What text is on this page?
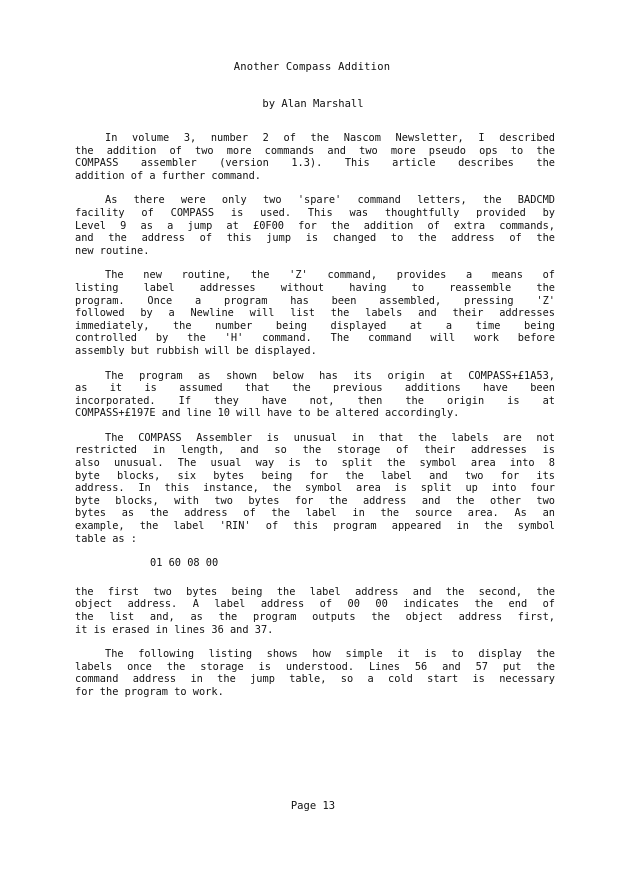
Another Compass Addition
by Alan Marshall
In volume 3, number 2 of the Nascom Newsletter, I described
the addition of two more commands and two more pseudo ops to the
COMPASS assembler (version 1.3). This article describes the
addition of a further command.
As there were only two 'spare' command letters, the BADCMD
facility of COMPASS is used. This was thoughtfully provided by
Level 9 as a jump at £0F00 for the addition of extra commands,
and the address of this jump is changed to the address of the
new routine.
The new routine, the 'Z' command, provides a means of
listing label addresses without having to reassemble the
program. Once a program has been assembled, pressing 'Z'
followed by a Newline will list the labels and their addresses
immediately, the number being displayed at a time being
controlled by the 'H' command. The command will work before
assembly but rubbish will be displayed.
The program as shown below has its origin at COMPASS+£1A53,
as it is assumed that the previous additions have been
incorporated. If they have not, then the origin is at
COMPASS+£197E and line 10 will have to be altered accordingly.
The COMPASS Assembler is unusual in that the labels are not
restricted in length, and so the storage of their addresses is
also unusual. The usual way is to split the symbol area into 8
byte blocks, six bytes being for the label and two for its
address. In this instance, the symbol area is split up into four
byte blocks, with two bytes for the address and the other two
bytes as the address of the label in the source area. As an
example, the label 'RIN' of this program appeared in the symbol
table as :
01 60 08 00
the first two bytes being the label address and the second, the
object address. A label address of 00 00 indicates the end of
the list and, as the program outputs the object address first,
it is erased in lines 36 and 37.
The following listing shows how simple it is to display the
labels once the storage is understood. Lines 56 and 57 put the
command address in the jump table, so a cold start is necessary
for the program to work.
Page 13
